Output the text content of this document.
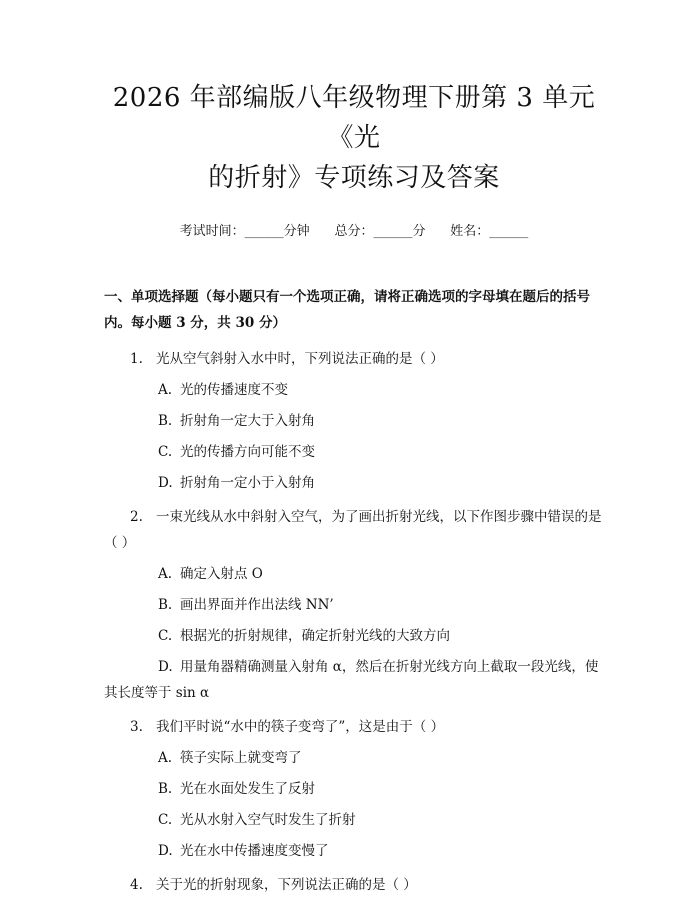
2026 年部编版八年级物理下册第 3 单元《光
的折射》专项练习及答案
考试时间：______分钟 总分：______分 姓名：______
一、单项选择题（每小题只有一个选项正确，请将正确选项的字母填在题后的括号内。每小题 3 分，共 30 分）
1. 光从空气斜射入水中时，下列说法正确的是（ ）
A. 光的传播速度不变
B. 折射角一定大于入射角
C. 光的传播方向可能不变
D. 折射角一定小于入射角
2. 一束光线从水中斜射入空气，为了画出折射光线，以下作图步骤中错误的是（ ）
A. 确定入射点 O
B. 画出界面并作出法线 NN’
C. 根据光的折射规律，确定折射光线的大致方向
D. 用量角器精确测量入射角 α，然后在折射光线方向上截取一段光线，使其长度等于 sin α
3. 我们平时说“水中的筷子变弯了”，这是由于（ ）
A. 筷子实际上就变弯了
B. 光在水面处发生了反射
C. 光从水射入空气时发生了折射
D. 光在水中传播速度变慢了
4. 关于光的折射现象，下列说法正确的是（ ）
